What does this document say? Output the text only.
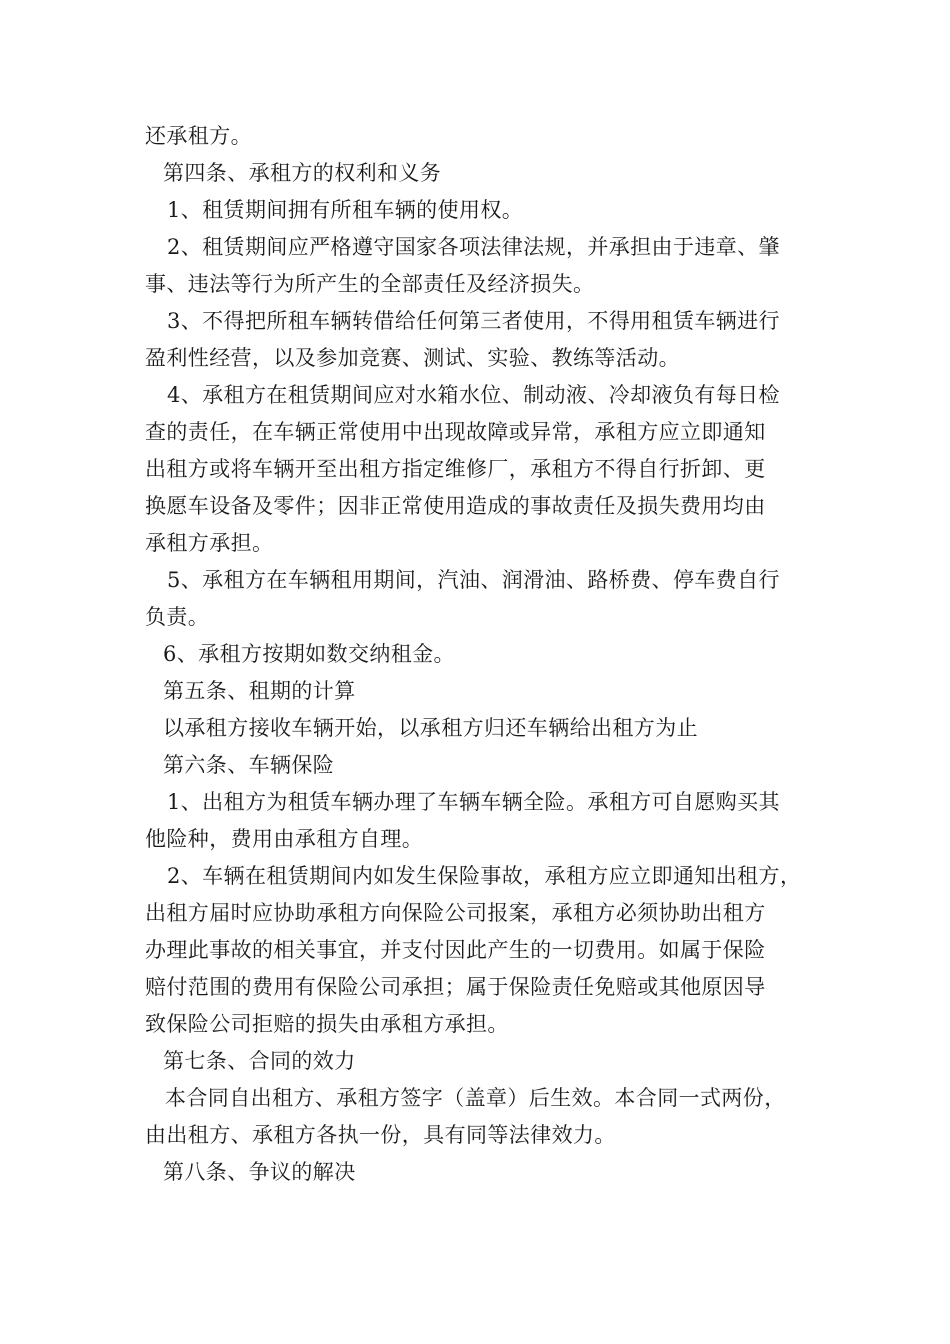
还承租方。
第四条、承租方的权利和义务
1、租赁期间拥有所租车辆的使用权。
2、租赁期间应严格遵守国家各项法律法规，并承担由于违章、肇
事、违法等行为所产生的全部责任及经济损失。
3、不得把所租车辆转借给任何第三者使用，不得用租赁车辆进行
盈利性经营，以及参加竞赛、测试、实验、教练等活动。
4、承租方在租赁期间应对水箱水位、制动液、冷却液负有每日检
查的责任，在车辆正常使用中出现故障或异常，承租方应立即通知
出租方或将车辆开至出租方指定维修厂，承租方不得自行折卸、更
换愿车设备及零件；因非正常使用造成的事故责任及损失费用均由
承租方承担。
5、承租方在车辆租用期间，汽油、润滑油、路桥费、停车费自行
负责。
6、承租方按期如数交纳租金。
第五条、租期的计算
以承租方接收车辆开始，以承租方归还车辆给出租方为止
第六条、车辆保险
1、出租方为租赁车辆办理了车辆车辆全险。承租方可自愿购买其
他险种，费用由承租方自理。
2、车辆在租赁期间内如发生保险事故，承租方应立即通知出租方，
出租方届时应协助承租方向保险公司报案，承租方必须协助出租方
办理此事故的相关事宜，并支付因此产生的一切费用。如属于保险
赔付范围的费用有保险公司承担；属于保险责任免赔或其他原因导
致保险公司拒赔的损失由承租方承担。
第七条、合同的效力
本合同自出租方、承租方签字（盖章）后生效。本合同一式两份，
由出租方、承租方各执一份，具有同等法律效力。
第八条、争议的解决
